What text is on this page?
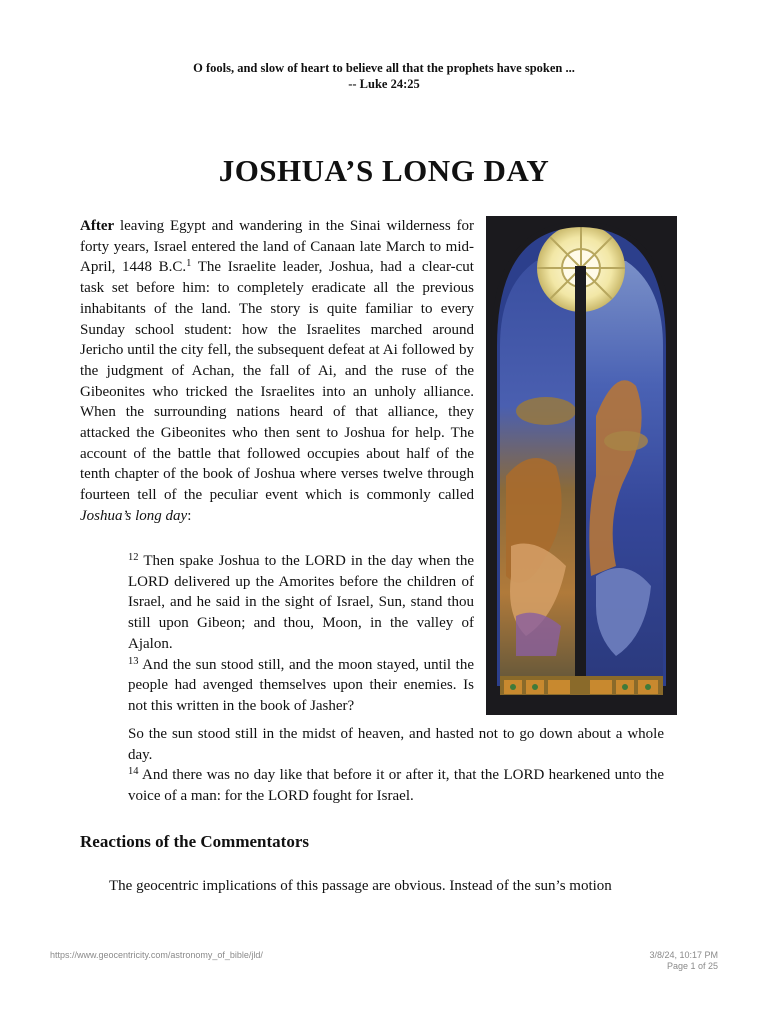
O fools, and slow of heart to believe all that the prophets have spoken ...
-- Luke 24:25
JOSHUA’S LONG DAY

After leaving Egypt and wandering in the Sinai wilderness for forty years, Israel entered the land of Canaan late March to mid- April, 1448 B.C.$^1$ The Israelite leader, Joshua, had a clear-cut task set before him: to completely eradicate all the previous inhabitants of the land. The story is quite familiar to every Sunday school student: how the Israelites marched around Jericho until the city fell, the subsequent defeat at Ai followed by the judgment of Achan, the fall of Ai, and the ruse of the Gibeonites who tricked the Israelites into an unholy alliance. When the surrounding nations heard of that alliance, they attacked the Gibeonites who then sent to Joshua for help. The account of the battle that followed occupies about half of the tenth chapter of the book of Joshua where verses twelve through fourteen tell of the peculiar event which is commonly called Joshua’s long day:

$^{12}$ Then spake Joshua to the LORD in the day when the LORD delivered up the Amorites before the children of Israel, and he said in the sight of Israel, Sun, stand thou still upon Gibeon; and thou, Moon, in the valley of Ajalon.

$^{13}$ And the sun stood still, and the moon stayed, until the people had avenged themselves upon their enemies. Is not this written in the book of Jasher?

So the sun stood still in the midst of heaven, and hasted not to go down about a whole day.

$^{14}$ And there was no day like that before it or after it, that the LORD hearkened unto the voice of a man: for the LORD fought for Israel.

Reactions of the Commentators

The geocentric implications of this passage are obvious. Instead of the sun’s motion

https://www.geocentricity.com/astronomy_of_bible/jld/	3/8/24, 10:17 PM
Page 1 of 25
